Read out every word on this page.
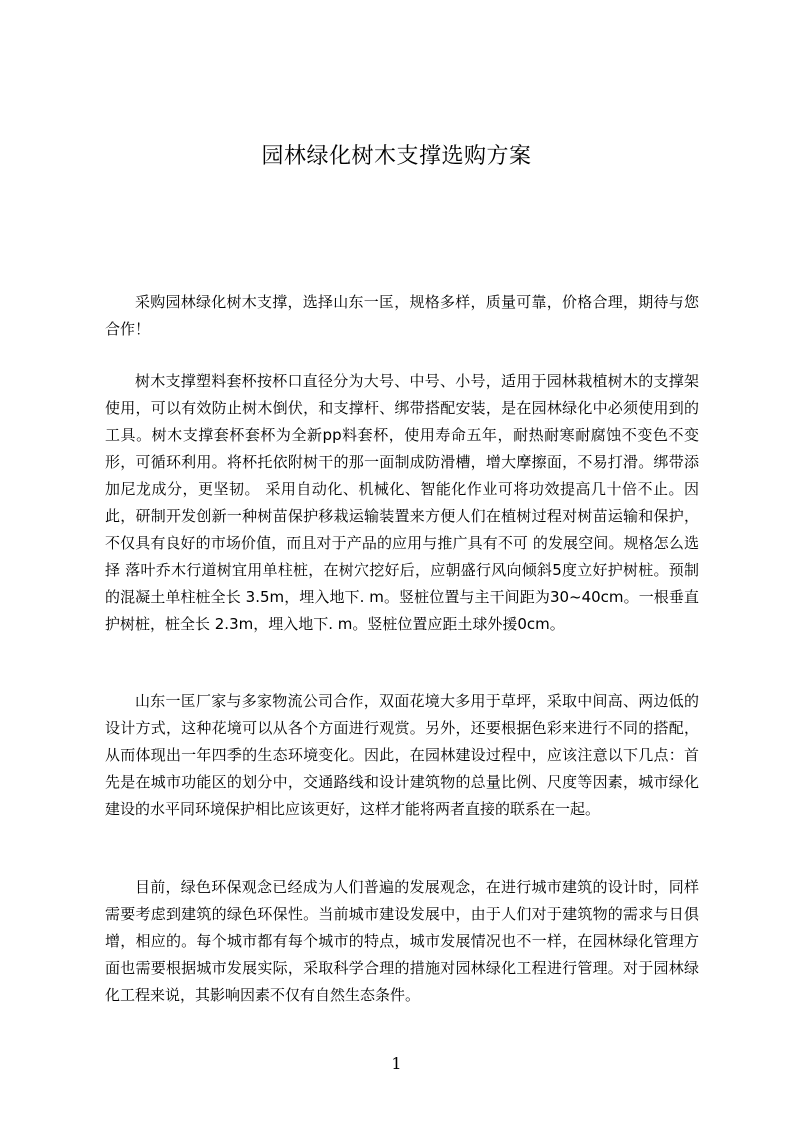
园林绿化树木支撑选购方案

采购园林绿化树木支撑，选择山东一匡，规格多样，质量可靠，价格合理，期待与您合作！

树木支撑塑料套杯按杯口直径分为大号、中号、小号，适用于园林栽植树木的支撑架使用，可以有效防止树木倒伏，和支撑杆、绑带搭配安装，是在园林绿化中必须使用到的工具。树木支撑套杯套杯为全新pp料套杯，使用寿命五年，耐热耐寒耐腐蚀不变色不变形，可循环利用。将杯托依附树干的那一面制成防滑槽，增大摩擦面，不易打滑。绑带添加尼龙成分，更坚韧。 采用自动化、机械化、智能化作业可将功效提高几十倍不止。因此，研制开发创新一种树苗保护移栽运输装置来方便人们在植树过程对树苗运输和保护，不仅具有良好的市场价值，而且对于产品的应用与推广具有不可 的发展空间。规格怎么选择 落叶乔木行道树宜用单柱桩，在树穴挖好后，应朝盛行风向倾斜5度立好护树桩。预制的混凝土单柱桩全长 3.5m，埋入地下. m。竖桩位置与主干间距为30~40cm。一根垂直护树桩，桩全长 2.3m，埋入地下. m。竖桩位置应距土球外援0cm。

山东一匡厂家与多家物流公司合作，双面花境大多用于草坪，采取中间高、两边低的设计方式，这种花境可以从各个方面进行观赏。另外，还要根据色彩来进行不同的搭配，从而体现出一年四季的生态环境变化。因此，在园林建设过程中，应该注意以下几点：首先是在城市功能区的划分中，交通路线和设计建筑物的总量比例、尺度等因素，城市绿化建设的水平同环境保护相比应该更好，这样才能将两者直接的联系在一起。

目前，绿色环保观念已经成为人们普遍的发展观念，在进行城市建筑的设计时，同样需要考虑到建筑的绿色环保性。当前城市建设发展中，由于人们对于建筑物的需求与日俱增，相应的。每个城市都有每个城市的特点，城市发展情况也不一样，在园林绿化管理方面也需要根据城市发展实际，采取科学合理的措施对园林绿化工程进行管理。对于园林绿化工程来说，其影响因素不仅有自然生态条件。

1
